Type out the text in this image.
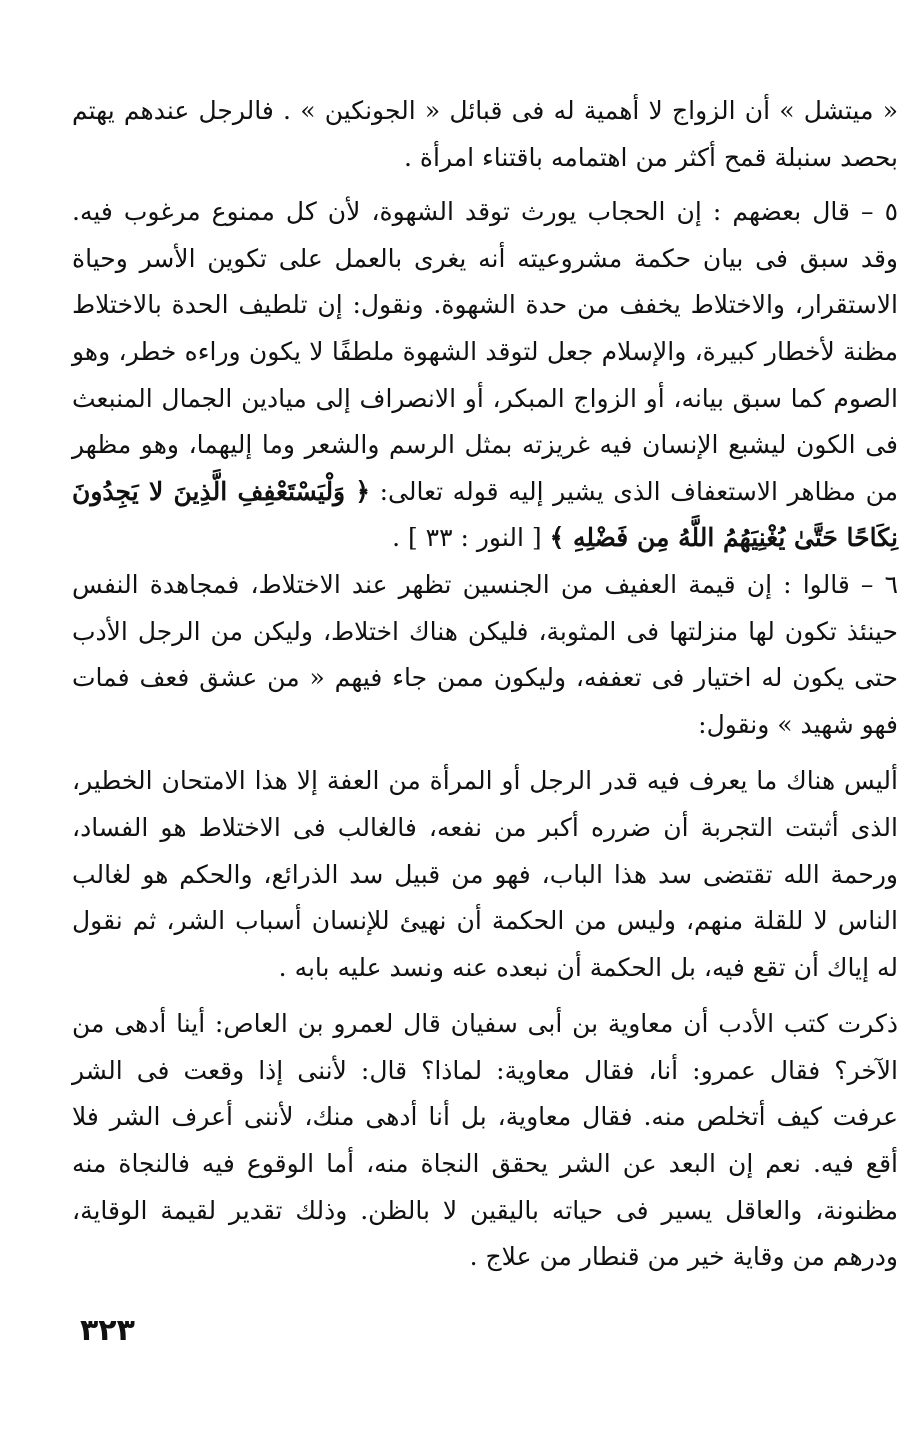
« ميتشل » أن الزواج لا أهمية له فى قبائل « الجونكين » . فالرجل عندهم يهتم بحصد سنبلة قمح أكثر من اهتمامه باقتناء امرأة .

٥ – قال بعضهم : إن الحجاب يورث توقد الشهوة، لأن كل ممنوع مرغوب فيه. وقد سبق فى بيان حكمة مشروعيته أنه يغرى بالعمل على تكوين الأسر وحياة الاستقرار، والاختلاط يخفف من حدة الشهوة. ونقول: إن تلطيف الحدة بالاختلاط مظنة لأخطار كبيرة، والإسلام جعل لتوقد الشهوة ملطفًا لا يكون وراءه خطر، وهو الصوم كما سبق بيانه، أو الزواج المبكر، أو الانصراف إلى ميادين الجمال المنبعث فى الكون ليشبع الإنسان فيه غريزته بمثل الرسم والشعر وما إليهما، وهو مظهر من مظاهر الاستعفاف الذى يشير إليه قوله تعالى: ﴿ وَلْيَسْتَعْفِفِ الَّذِينَ لا يَجِدُونَ نِكَاحًا حَتَّىٰ يُغْنِيَهُمُ اللَّهُ مِن فَضْلِهِ ﴾ [ النور : ٣٣ ] .

٦ – قالوا : إن قيمة العفيف من الجنسين تظهر عند الاختلاط، فمجاهدة النفس حينئذ تكون لها منزلتها فى المثوبة، فليكن هناك اختلاط، وليكن من الرجل الأدب حتى يكون له اختيار فى تعففه، وليكون ممن جاء فيهم « من عشق فعف فمات فهو شهيد » ونقول:

أليس هناك ما يعرف فيه قدر الرجل أو المرأة من العفة إلا هذا الامتحان الخطير، الذى أثبتت التجربة أن ضرره أكبر من نفعه، فالغالب فى الاختلاط هو الفساد، ورحمة الله تقتضى سد هذا الباب، فهو من قبيل سد الذرائع، والحكم هو لغالب الناس لا للقلة منهم، وليس من الحكمة أن نهيئ للإنسان أسباب الشر، ثم نقول له إياك أن تقع فيه، بل الحكمة أن نبعده عنه ونسد عليه بابه .

ذكرت كتب الأدب أن معاوية بن أبى سفيان قال لعمرو بن العاص: أينا أدهى من الآخر؟ فقال عمرو: أنا، فقال معاوية: لماذا؟ قال: لأننى إذا وقعت فى الشر عرفت كيف أتخلص منه. فقال معاوية، بل أنا أدهى منك، لأننى أعرف الشر فلا أقع فيه. نعم إن البعد عن الشر يحقق النجاة منه، أما الوقوع فيه فالنجاة منه مظنونة، والعاقل يسير فى حياته باليقين لا بالظن. وذلك تقدير لقيمة الوقاية، ودرهم من وقاية خير من قنطار من علاج .

٣٢٣
